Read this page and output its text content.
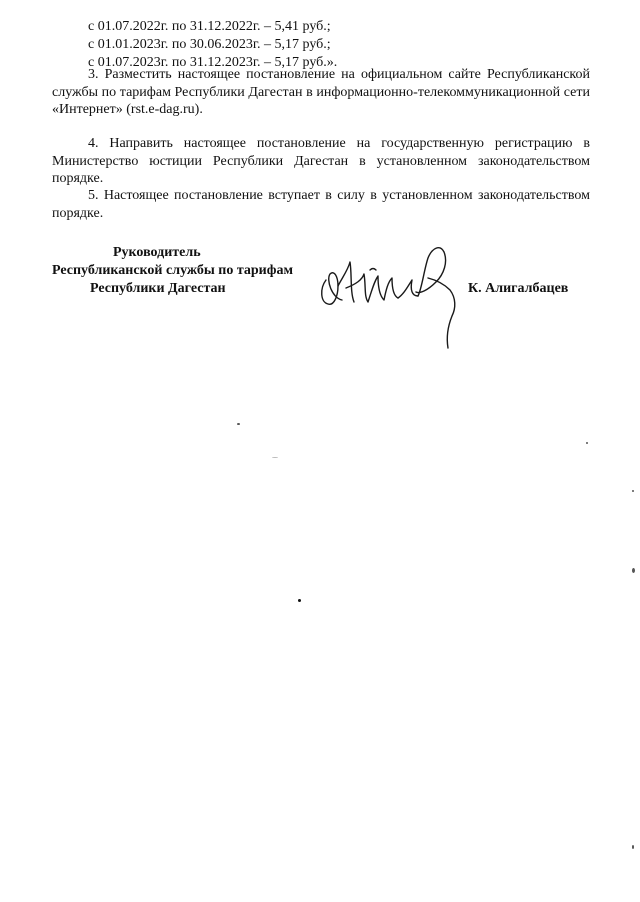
с 01.07.2022г. по 31.12.2022г. – 5,41 руб.;
с 01.01.2023г. по 30.06.2023г. – 5,17 руб.;
с 01.07.2023г. по 31.12.2023г. – 5,17 руб.».

3. Разместить настоящее постановление на официальном сайте Республиканской службы по тарифам Республики Дагестан в информационно-телекоммуникационной сети «Интернет» (rst.e-dag.ru).

4. Направить настоящее постановление на государственную регистрацию в Министерство юстиции Республики Дагестан в установленном законодательством порядке.

5. Настоящее постановление вступает в силу в установленном законодательством порядке.

Руководитель
Республиканской службы по тарифам
Республики Дагестан	К. Алигалбацев
